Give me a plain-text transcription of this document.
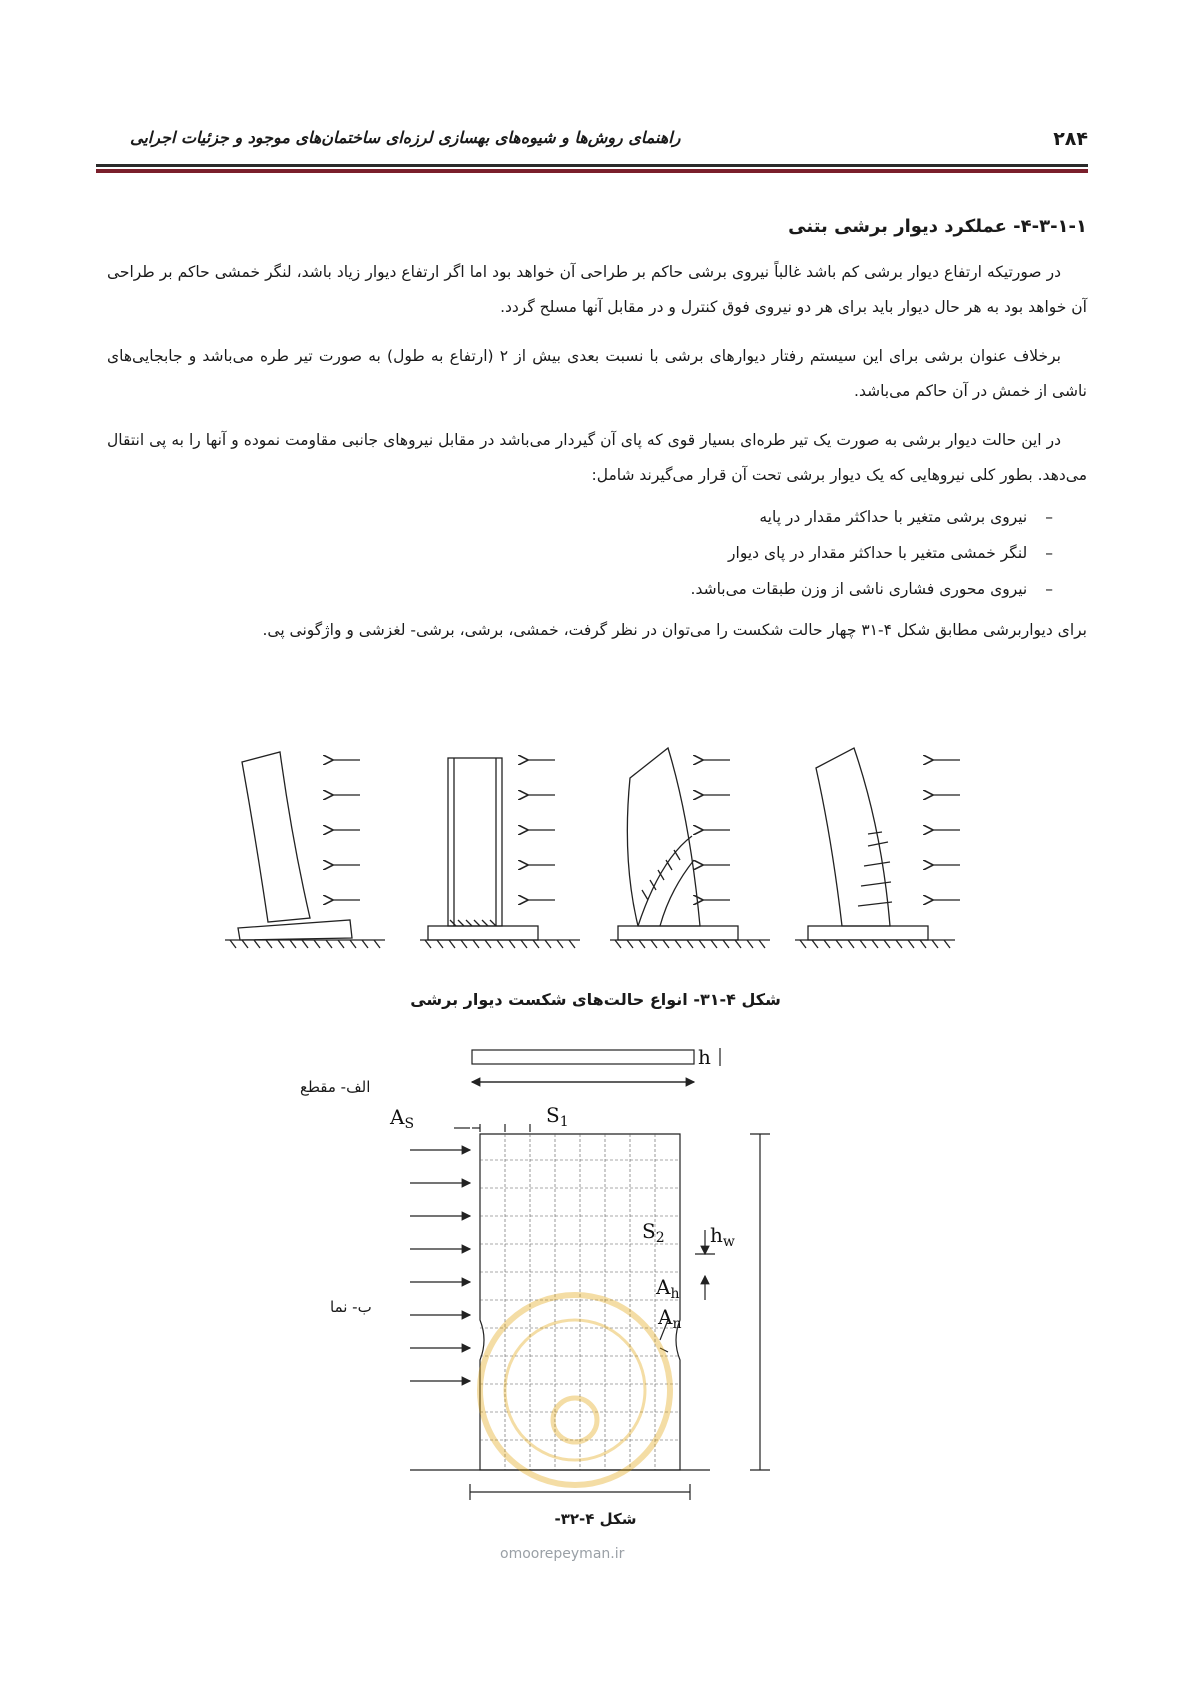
۲۸۴
راهنمای روش‌ها و شیوه‌های بهسازی لرزه‌ای ساختمان‌های موجود و جزئیات اجرایی
۴-۳-۱-۱- عملکرد دیوار برشی بتنی

در صورتیکه ارتفاع دیوار برشی کم باشد غالباً نیروی برشی حاکم بر طراحی آن خواهد بود اما اگر ارتفاع دیوار زیاد باشد، لنگر خمشی حاکم بر طراحی آن خواهد بود به هر حال دیوار باید برای هر دو نیروی فوق کنترل و در مقابل آنها مسلح گردد.

برخلاف عنوان برشی برای این سیستم رفتار دیوارهای برشی با نسبت بعدی بیش از ۲ (ارتفاع به طول) به صورت تیر طره می‌باشد و جابجایی‌های ناشی از خمش در آن حاکم می‌باشد.

در این حالت دیوار برشی به صورت یک تیر طره‌ای بسیار قوی که پای آن گیردار می‌باشد در مقابل نیروهای جانبی مقاومت نموده و آنها را به پی انتقال می‌دهد. بطور کلی نیروهایی که یک دیوار برشی تحت آن قرار می‌گیرند شامل:

– نیروی برشی متغیر با حداکثر مقدار در پایه
– لنگر خمشی متغیر با حداکثر مقدار در پای دیوار
– نیروی محوری فشاری ناشی از وزن طبقات می‌باشد.

برای دیواربرشی مطابق شکل ۴-۳۱ چهار حالت شکست را می‌توان در نظر گرفت، خمشی، برشی، برشی- لغزشی و واژگونی پی.

شکل ۴-۳۱- انواع حالت‌های شکست دیوار برشی
الف- مقطع
ب- نما
h
$A_S$	$S_1$
$S_2$ $h_w$
$A_h$
$A_n$
شکل ۴-۳۲-
omoorepeyman.ir
